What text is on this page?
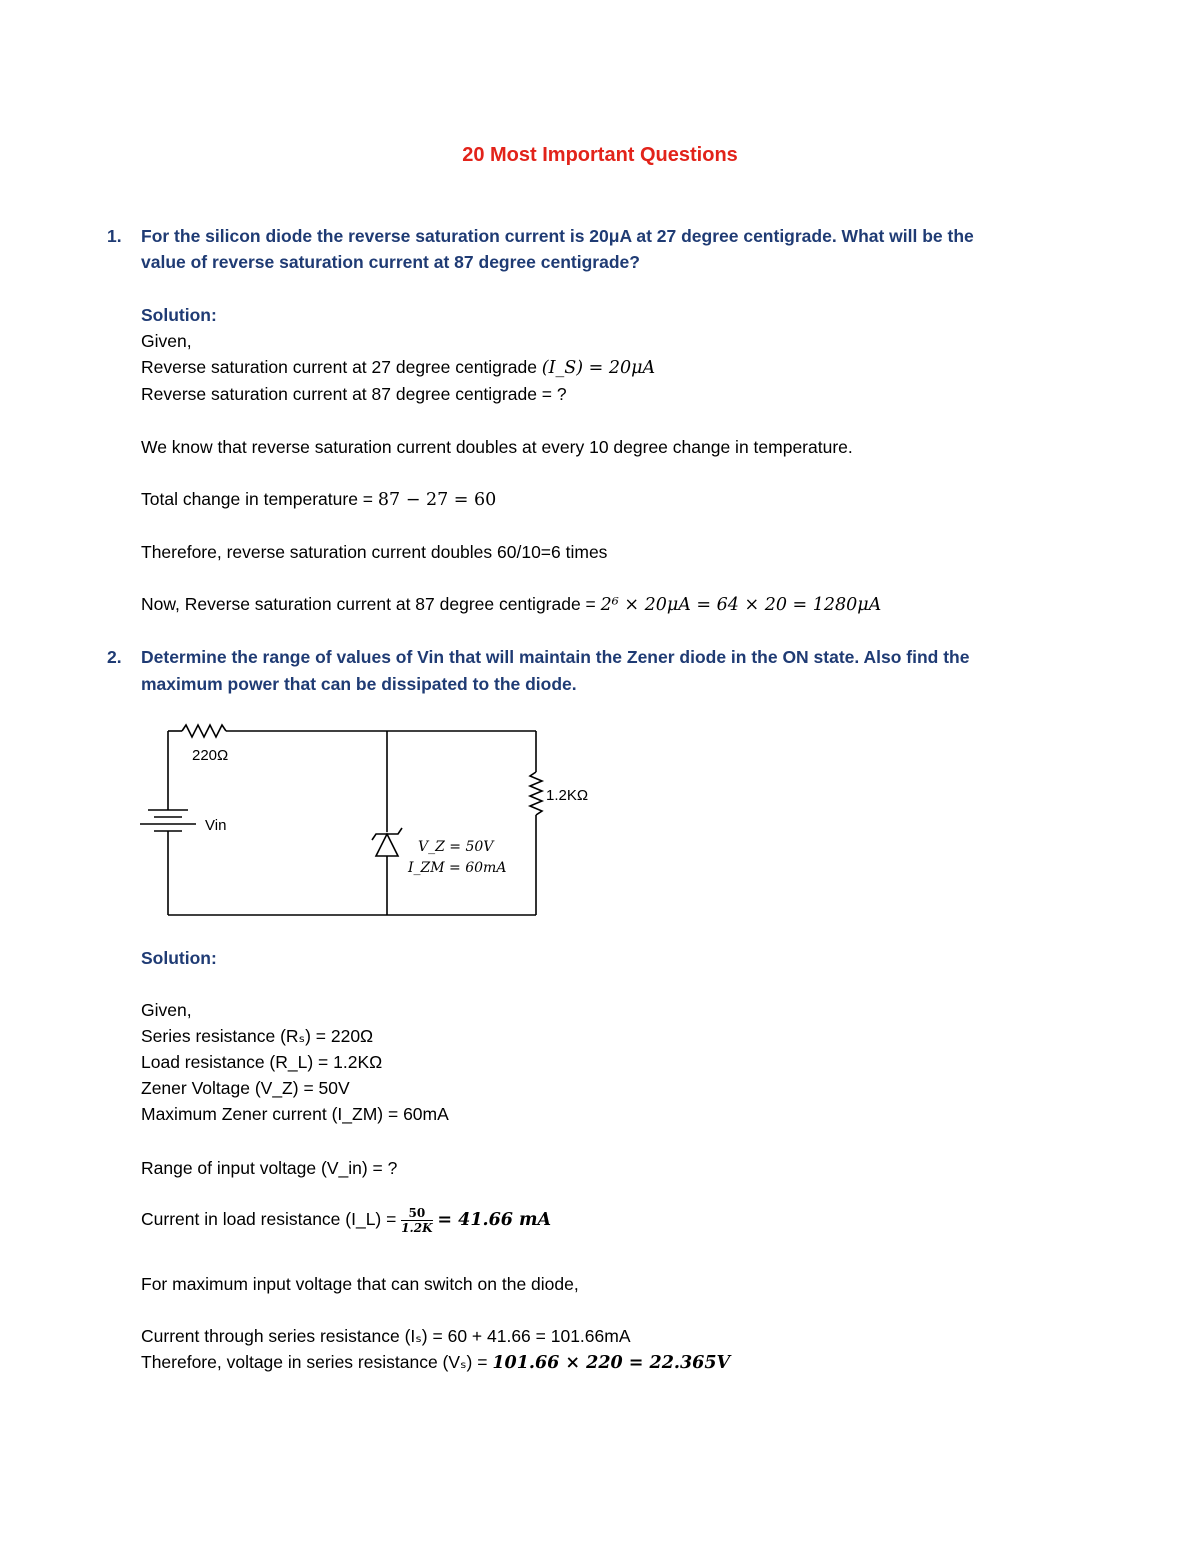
20 Most Important Questions
1. For the silicon diode the reverse saturation current is 20μA at 27 degree centigrade. What will be the
value of reverse saturation current at 87 degree centigrade?
Solution:
Given,
Reverse saturation current at 27 degree centigrade (I_S) = 20μA
Reverse saturation current at 87 degree centigrade = ?
We know that reverse saturation current doubles at every 10 degree change in temperature.
Total change in temperature = 87 − 27 = 60
Therefore, reverse saturation current doubles 60/10=6 times
Now, Reverse saturation current at 87 degree centigrade = 2⁶ × 20μA = 64 × 20 = 1280μA
2. Determine the range of values of Vin that will maintain the Zener diode in the ON state. Also find the
maximum power that can be dissipated to the diode.
220Ω
Vin
1.2KΩ
V_Z = 50V
I_ZM = 60mA
Solution:
Given,
Series resistance (Rₛ) = 220Ω
Load resistance (R_L) = 1.2KΩ
Zener Voltage (V_Z) = 50V
Maximum Zener current (I_ZM) = 60mA
Range of input voltage (V_in) = ?
Current in load resistance (I_L) = $\frac{50}{1.2K} = 41.66$ mA
For maximum input voltage that can switch on the diode,
Current through series resistance (Iₛ) = 60 + 41.66 = 101.66mA
Therefore, voltage in series resistance (Vₛ) = 101.66 × 220 = 22.365V
